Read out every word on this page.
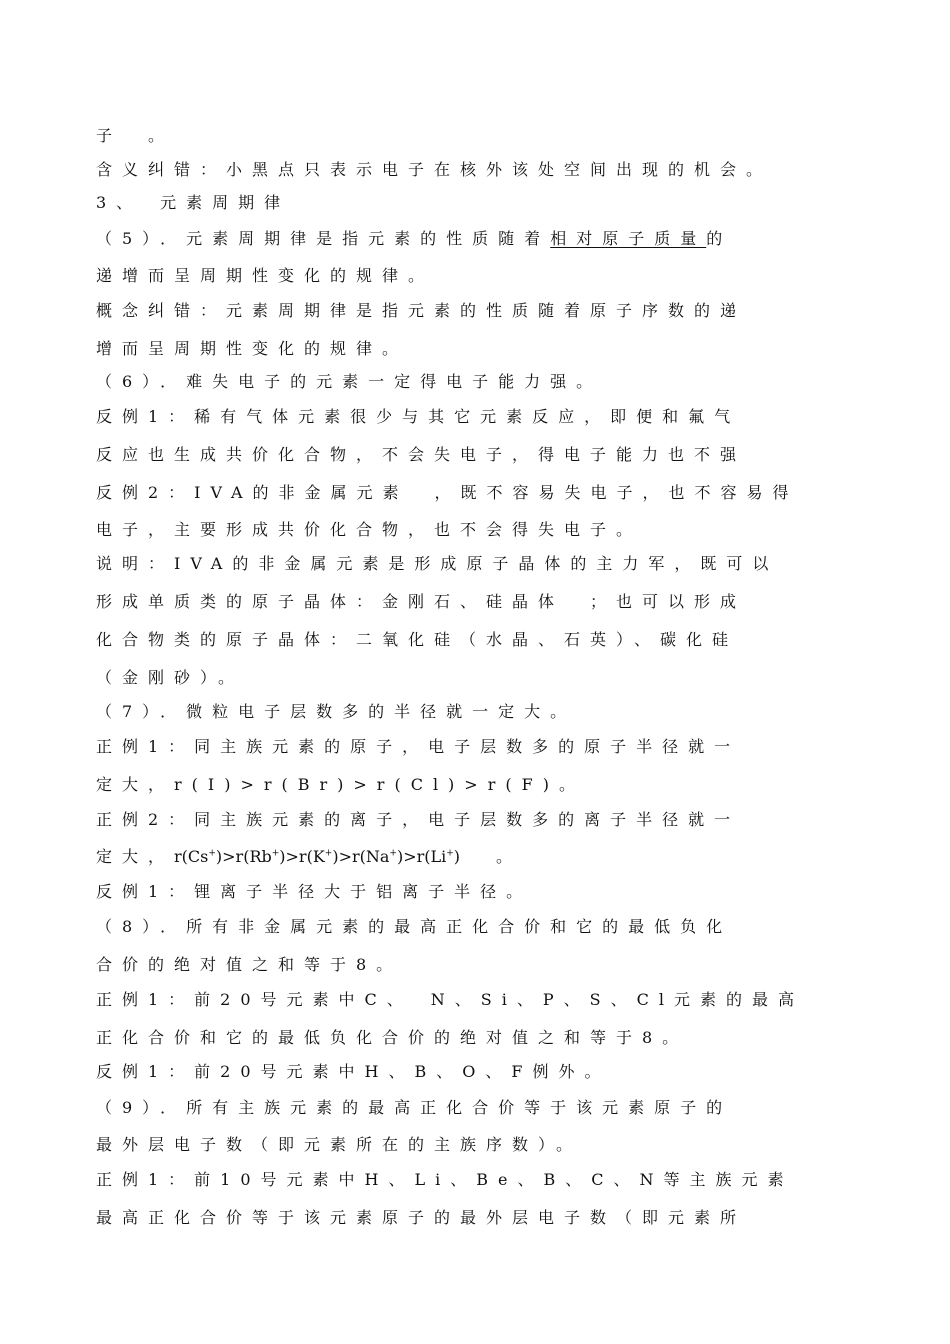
子　。
含义纠错：小黑点只表示电子在核外该处空间出现的机会。
3、　元素周期律
（5）．元素周期律是指元素的性质随着相对原子质量的
递增而呈周期性变化的规律。
概念纠错：元素周期律是指元素的性质随着原子序数的递
增而呈周期性变化的规律。
（6）．难失电子的元素一定得电子能力强。
反例1：稀有气体元素很少与其它元素反应，即便和氟气
反应也生成共价化合物，不会失电子，得电子能力也不强
反例2：IVA的非金属元素　，既不容易失电子，也不容易得
电子，主要形成共价化合物，也不会得失电子。
说明：IVA的非金属元素是形成原子晶体的主力军，既可以
形成单质类的原子晶体：金刚石、硅晶体　；也可以形成
化合物类的原子晶体：二氧化硅（水晶、石英）、碳化硅
（金刚砂）。
（7）．微粒电子层数多的半径就一定大。
正例1：同主族元素的原子，电子层数多的原子半径就一
定大，r(I)>r(Br)>r(Cl)>r(F)。
正例2：同主族元素的离子，电子层数多的离子半径就一
定大，r(Cs+)>r(Rb+)>r(K+)>r(Na+)>r(Li+)　。
反例1：锂离子半径大于铝离子半径。
（8）．所有非金属元素的最高正化合价和它的最低负化
合价的绝对值之和等于8。
正例1：前20号元素中C、　N、Si、P、S、Cl元素的最高
正化合价和它的最低负化合价的绝对值之和等于8。
反例1：前20号元素中H、B、O、F例外。
（9）．所有主族元素的最高正化合价等于该元素原子的
最外层电子数（即元素所在的主族序数）。
正例1：前10号元素中H、Li、Be、B、C、N等主族元素
最高正化合价等于该元素原子的最外层电子数（即元素所
